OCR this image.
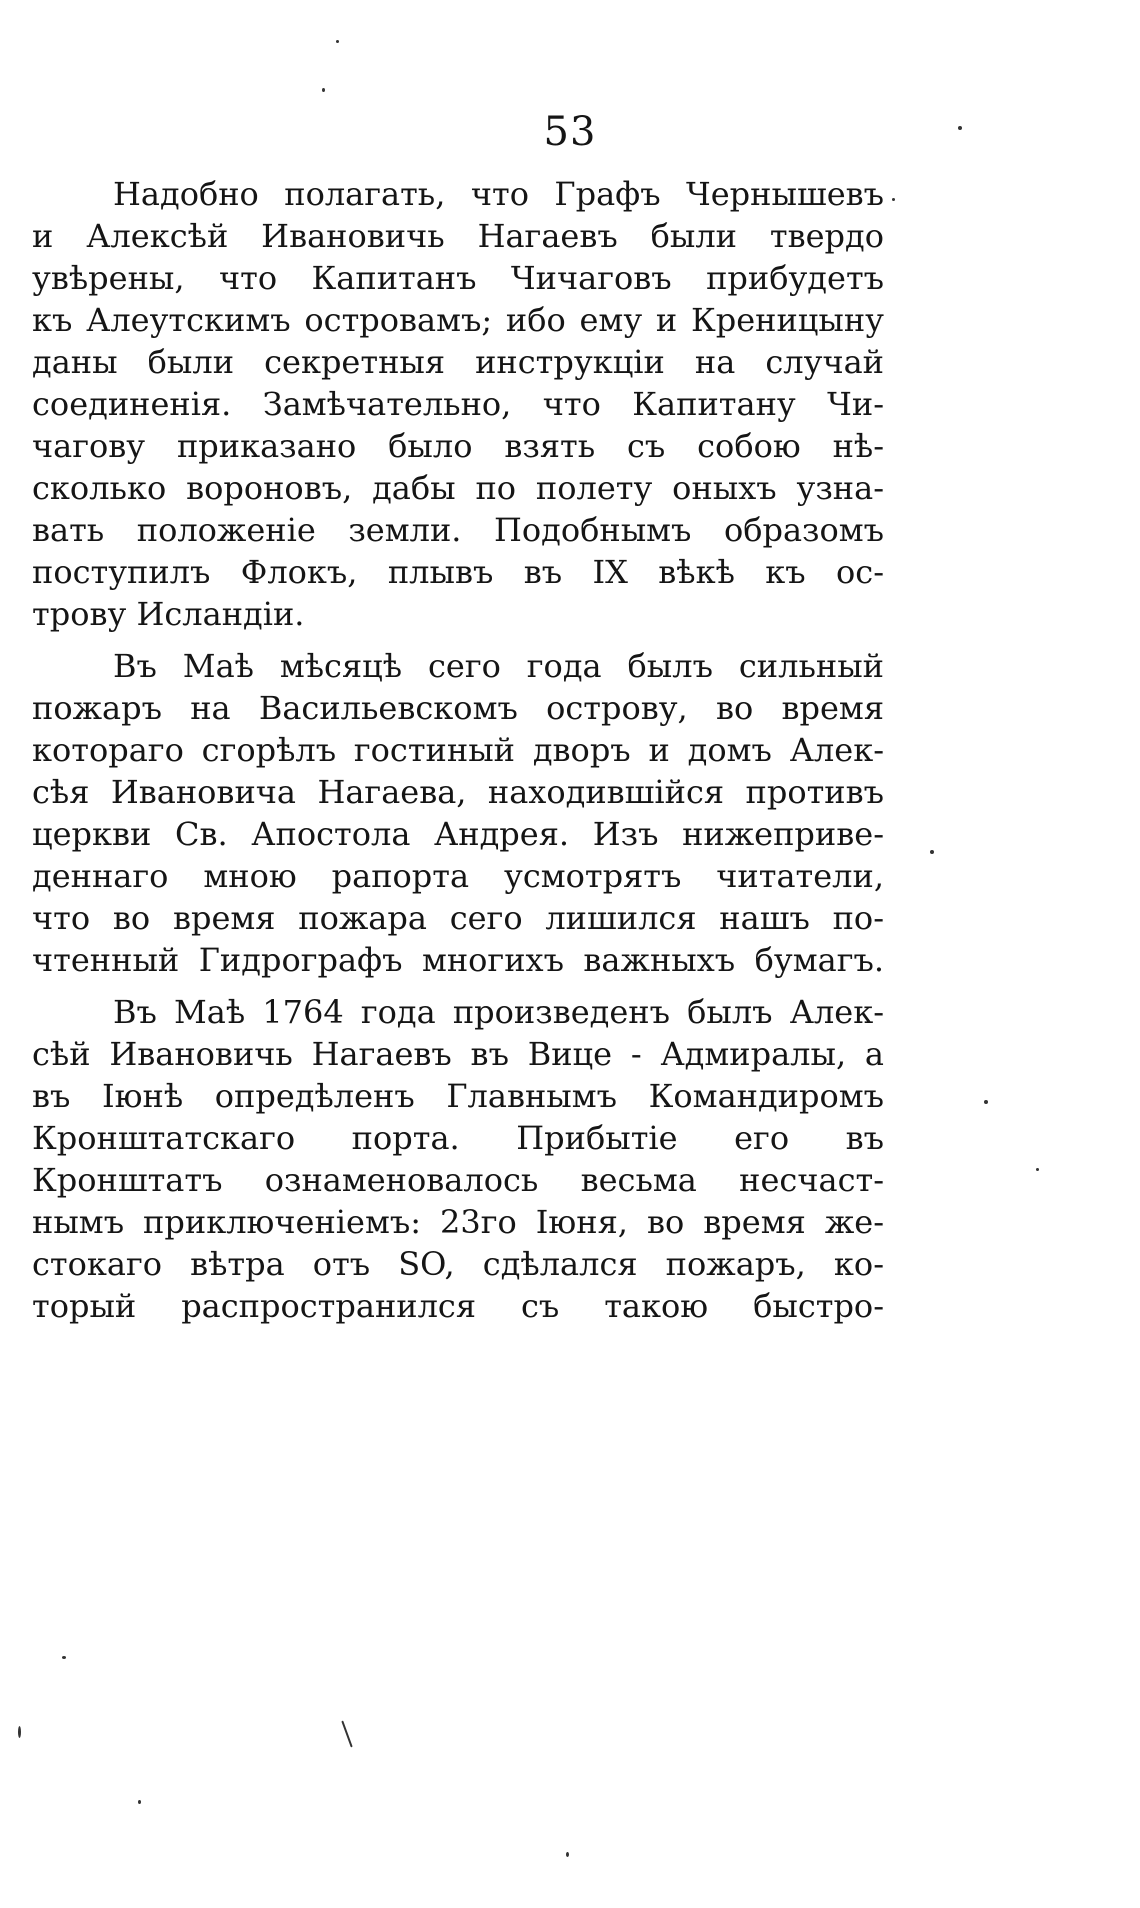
53
Надобно полагать, что Графъ Чернышевъ
и Алексѣй Ивановичь Нагаевъ были твердо
увѣрены, что Капитанъ Чичаговъ прибудетъ
къ Алеутскимъ островамъ; ибо ему и Креницыну
даны были секретныя инструкціи на случай
соединенія. Замѣчательно, что Капитану Чи-
чагову приказано было взять съ собою нѣ-
сколько вороновъ, дабы по полету оныхъ узна-
вать положеніе земли. Подобнымъ образомъ
поступилъ Флокъ, плывъ въ IX вѣкѣ къ ос-
трову Исландіи.
Въ Маѣ мѣсяцѣ сего года былъ сильный
пожаръ на Васильевскомъ острову, во время
котораго сгорѣлъ гостиный дворъ и домъ Алек-
сѣя Ивановича Нагаева, находившійся противъ
церкви Св. Апостола Андрея. Изъ нижеприве-
деннаго мною рапорта усмотрятъ читатели,
что во время пожара сего лишился нашъ по-
чтенный Гидрографъ многихъ важныхъ бумагъ.
Въ Маѣ 1764 года произведенъ былъ Алек-
сѣй Ивановичь Нагаевъ въ Вице - Адмиралы, а
въ Іюнѣ опредѣленъ Главнымъ Командиромъ
Кронштатскаго порта. Прибытіе его въ
Кронштатъ ознаменовалось весьма несчаст-
нымъ приключеніемъ: 23го Іюня, во время же-
стокаго вѣтра отъ SO, сдѣлался пожаръ, ко-
торый распространился съ такою быстро-
